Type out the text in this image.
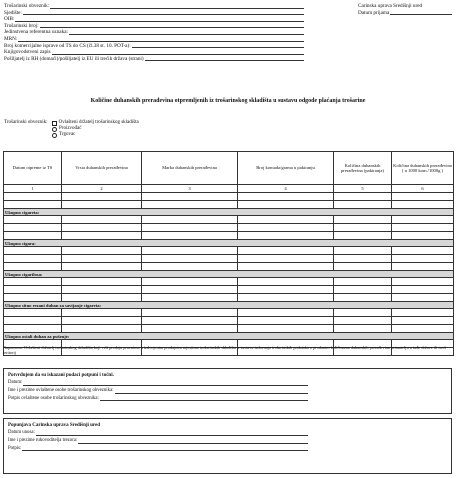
Trošarinski obveznik:
Sjedište:
OIB:
Trošarinski broj:
Jedinstvena referentna oznaka:
MRN:
Broj komercijalne isprave od TS do CS (čl.38 st. 10. POT-a):
Knjigovodstveni zapis
Pošiljatelj iz RH (domaći)/pošiljatelj iz EU ili trećih država (strani)
Carinska uprava Središnji ured
Datum prijama
Količine duhanskih prerađevina otpremljenih iz trošarinskog skladišta u sustavu odgode plaćanja trošarine
Trošarinski obveznik: Ovlašteni držatelj trošarinskog skladišta
Proizvođač
Trgovac
Datum otpreme iz TS	Vrsta duhanskih prerađevina	Marka duhanskih prerađevina	Broj komada/grama u pakiranju	Količina duhanskih prerađevina (pakiranja)	Količina duhanskih prerađevina ( u 1000 kom./1000g )
1	2	3	4	5	6

Ukupno cigareta:					

Ukupno cigara:					

Ukupno cigarilosa:					

Ukupno sitno rezani duhan za savijanje cigareta:					

Ukupno ostali duhan za pušenje:					

Napomena: Ovlašteni držatelj trošarinskog skladišta koji vrši prodaju pravnima u izdvojenim prodajnim mjestima trošarinskih skladišta u sustavu izdavanja trošarinskih podataka o prodanim količinama duhanskih prerađevina primatelju u tuđe države ili treći teritorij
Potvrđujem da su iskazani podaci potpuni i točni.
Datum:
Ime i prezime ovlaštene osobe trošarinskog obveznika:
Potpis ovlaštene osobe trošarinskog obveznika:
Popunjava Carinska uprava Središnji ured
Datum unosa:
Ime i prezime rukovoditelja trezora:
Potpis:
